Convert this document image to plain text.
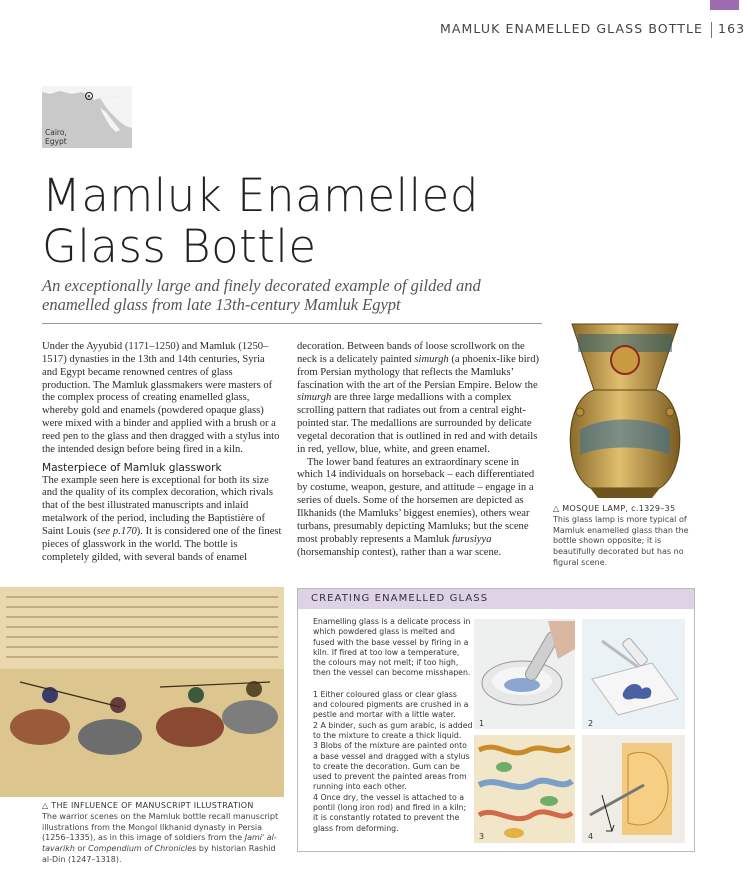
MAMLUK ENAMELLED GLASS BOTTLE 163
Cairo,
Egypt
Mamluk Enamelled
Glass Bottle
An exceptionally large and finely decorated example of gilded and enamelled glass from late 13th-century Mamluk Egypt

Under the Ayyubid (1171–1250) and Mamluk (1250–1517) dynasties in the 13th and 14th centuries, Syria and Egypt became renowned centres of glass production. The Mamluk glassmakers were masters of the complex process of creating enamelled glass, whereby gold and enamels (powdered opaque glass) were mixed with a binder and applied with a brush or a reed pen to the glass and then dragged with a stylus into the intended design before being fired in a kiln.

Masterpiece of Mamluk glasswork

The example seen here is exceptional for both its size and the quality of its complex decoration, which rivals that of the best illustrated manuscripts and inlaid metalwork of the period, including the Baptistière of Saint Louis (see p.170). It is considered one of the finest pieces of glasswork in the world. The bottle is completely gilded, with several bands of enamel

decoration. Between bands of loose scrollwork on the neck is a delicately painted simurgh (a phoenix-like bird) from Persian mythology that reflects the Mamluks’ fascination with the art of the Persian Empire. Below the simurgh are three large medallions with a complex scrolling pattern that radiates out from a central eight-pointed star. The medallions are surrounded by delicate vegetal decoration that is outlined in red and with details in red, yellow, blue, white, and green enamel.

The lower band features an extraordinary scene in which 14 individuals on horseback – each differentiated by costume, weapon, gesture, and attitude – engage in a series of duels. Some of the horsemen are depicted as Ilkhanids (the Mamluks’ biggest enemies), others wear turbans, presumably depicting Mamluks; but the scene most probably represents a Mamluk furusiyya (horsemanship contest), rather than a war scene.

△ MOSQUE LAMP, c.1329–35
This glass lamp is more typical of Mamluk enamelled glass than the bottle shown opposite; it is beautifully decorated but has no figural scene.
△ THE INFLUENCE OF MANUSCRIPT ILLUSTRATION
The warrior scenes on the Mamluk bottle recall manuscript illustrations from the Mongol Ilkhanid dynasty in Persia (1256–1335), as in this image of soldiers from the Jami' al-tavarikh or Compendium of Chronicles by historian Rashid al-Din (1247–1318).
CREATING ENAMELLED GLASS

Enamelling glass is a delicate process in which powdered glass is melted and fused with the base vessel by firing in a kiln. If fired at too low a temperature, the colours may not melt; if too high, then the vessel can become misshapen.

1 Either coloured glass or clear glass and coloured pigments are crushed in a pestle and mortar with a little water.
2 A binder, such as gum arabic, is added to the mixture to create a thick liquid.
3 Blobs of the mixture are painted onto a base vessel and dragged with a stylus to create the decoration. Gum can be used to prevent the painted areas from running into each other.
4 Once dry, the vessel is attached to a pontil (long iron rod) and fired in a kiln; it is constantly rotated to prevent the glass from deforming.
1	2
3	4
